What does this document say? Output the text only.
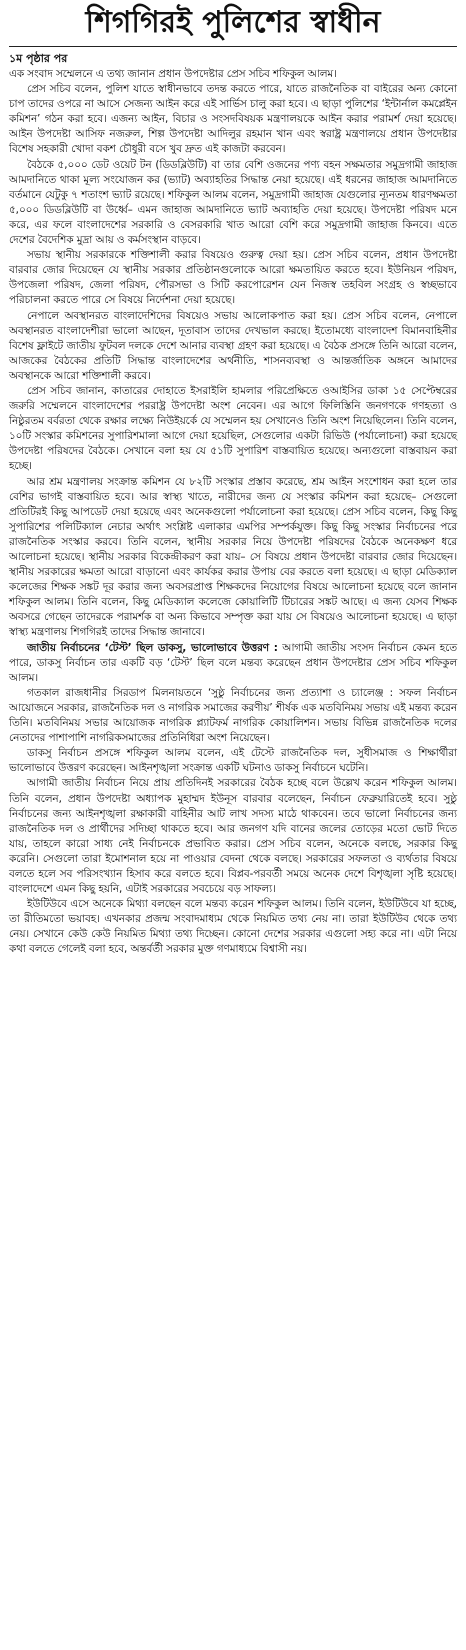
শিগগিরই পুলিশের স্বাধীন
১ম পৃষ্ঠার পর

এক সংবাদ সম্মেলনে এ তথ্য জানান প্রধান উপদেষ্টার প্রেস সচিব শফিকুল আলম।

প্রেস সচিব বলেন, পুলিশ যাতে স্বাধীনভাবে তদন্ত করতে পারে, যাতে রাজনৈতিক বা বাইরের অন্য কোনো চাপ তাদের ওপরে না আসে সেজন্য আইন করে এই সার্ভিস চালু করা হবে। এ ছাড়া পুলিশের ‘ইন্টার্নাল কমপ্লেইন কমিশন’ গঠন করা হবে। এজন্য আইন, বিচার ও সংসদবিষয়ক মন্ত্রণালয়কে আইন করার পরামর্শ দেয়া হয়েছে। আইন উপদেষ্টা আসিফ নজরুল, শিল্প উপদেষ্টা আদিলুর রহমান খান এবং স্বরাষ্ট্র মন্ত্রণালয়ে প্রধান উপদেষ্টার বিশেষ সহকারী খোদা বকশ চৌধুরী বসে খুব দ্রুত এই কাজটা করবেন।

বৈঠকে ৫,০০০ ডেট ওয়েট টন (ডিডব্লিউটি) বা তার বেশি ওজনের পণ্য বহন সক্ষমতার সমুদ্রগামী জাহাজ আমদানিতে থাকা মূল্য সংযোজন কর (ভ্যাট) অব্যাহতির সিদ্ধান্ত নেয়া হয়েছে। এই ধরনের জাহাজ আমদানিতে বর্তমানে যেটুকু ৭ শতাংশ ভ্যাট রয়েছে। শফিকুল আলম বলেন, সমুদ্রগামী জাহাজ যেগুলোর ন্যূনতম ধারণক্ষমতা ৫,০০০ ডিডব্লিউটি বা উর্ধ্বে– এমন জাহাজ আমদানিতে ভ্যাট অব্যাহতি দেয়া হয়েছে। উপদেষ্টা পরিষদ মনে করে, এর ফলে বাংলাদেশের সরকারি ও বেসরকারি খাত আরো বেশি করে সমুদ্রগামী জাহাজ কিনবে। এতে দেশের বৈদেশিক মুদ্রা আয় ও কর্মসংস্থান বাড়বে।

সভায় স্থানীয় সরকারকে শক্তিশালী করার বিষয়েও গুরুত্ব দেয়া হয়। প্রেস সচিব বলেন, প্রধান উপদেষ্টা বারবার জোর দিয়েছেন যে স্থানীয় সরকার প্রতিষ্ঠানগুলোকে আরো ক্ষমতায়িত করতে হবে। ইউনিয়ন পরিষদ, উপজেলা পরিষদ, জেলা পরিষদ, পৌরসভা ও সিটি করপোরেশন যেন নিজস্ব তহবিল সংগ্রহ ও স্বচ্ছভাবে পরিচালনা করতে পারে সে বিষয়ে নির্দেশনা দেয়া হয়েছে।

নেপালে অবস্থানরত বাংলাদেশিদের বিষয়েও সভায় আলোকপাত করা হয়। প্রেস সচিব বলেন, নেপালে অবস্থানরত বাংলাদেশীরা ভালো আছেন, দূতাবাস তাদের দেখভাল করছে। ইতোমধ্যে বাংলাদেশ বিমানবাহিনীর বিশেষ ফ্লাইটে জাতীয় ফুটবল দলকে দেশে আনার ব্যবস্থা গ্রহণ করা হয়েছে। এ বৈঠক প্রসঙ্গে তিনি আরো বলেন, আজকের বৈঠকের প্রতিটি সিদ্ধান্ত বাংলাদেশের অর্থনীতি, শাসনব্যবস্থা ও আন্তর্জাতিক অঙ্গনে আমাদের অবস্থানকে আরো শক্তিশালী করবে।

প্রেস সচিব জানান, কাতারের দোহাতে ইসরাইলি হামলার পরিপ্রেক্ষিতে ওআইসির ডাকা ১৫ সেপ্টেম্বরের জরুরি সম্মেলনে বাংলাদেশের পররাষ্ট্র উপদেষ্টা অংশ নেবেন। এর আগে ফিলিস্তিনি জনগণকে গণহত্যা ও নিষ্ঠুরতম বর্বরতা থেকে রক্ষার লক্ষ্যে নিউইয়র্কে যে সম্মেলন হয় সেখানেও তিনি অংশ নিয়েছিলেন। তিনি বলেন, ১০টি সংস্কার কমিশনের সুপারিশমালা আগে দেয়া হয়েছিল, সেগুলোর একটা রিভিউ (পর্যালোচনা) করা হয়েছে উপদেষ্টা পরিষদের বৈঠকে। সেখানে বলা হয় যে ৫১টি সুপারিশ বাস্তবায়িত হয়েছে। অন্যগুলো বাস্তবায়ন করা হচ্ছে।

আর শ্রম মন্ত্রণালয় সংক্রান্ত কমিশন যে ৮২টি সংস্কার প্রস্তাব করেছে, শ্রম আইন সংশোধন করা হলে তার বেশির ভাগই বাস্তবায়িত হবে। আর স্বাস্থ্য খাতে, নারীদের জন্য যে সংস্কার কমিশন করা হয়েছে– সেগুলো প্রতিটিরই কিছু আপডেট দেয়া হয়েছে এবং অনেকগুলো পর্যালোচনা করা হয়েছে। প্রেস সচিব বলেন, কিছু কিছু সুপারিশের পলিটিক্যাল নেচার অর্থাৎ সংশ্লিষ্ট এলাকার এমপির সম্পর্কযুক্ত। কিছু কিছু সংস্কার নির্বাচনের পরে রাজনৈতিক সংস্কার করবে। তিনি বলেন, স্থানীয় সরকার নিয়ে উপদেষ্টা পরিষদের বৈঠকে অনেকক্ষণ ধরে আলোচনা হয়েছে। স্থানীয় সরকার বিকেন্দ্রীকরণ করা যায়– সে বিষয়ে প্রধান উপদেষ্টা বারবার জোর দিয়েছেন। স্থানীয় সরকারের ক্ষমতা আরো বাড়ানো এবং কার্যকর করার উপায় বের করতে বলা হয়েছে। এ ছাড়া মেডিক্যাল কলেজের শিক্ষক সঙ্কট দূর করার জন্য অবসরপ্রাপ্ত শিক্ষকদের নিয়োগের বিষয়ে আলোচনা হয়েছে বলে জানান শফিকুল আলম। তিনি বলেন, কিছু মেডিক্যাল কলেজে কোয়ালিটি টিচারের সঙ্কট আছে। এ জন্য যেসব শিক্ষক অবসরে গেছেন তাদেরকে পরামর্শক বা অন্য কিভাবে সম্পৃক্ত করা যায় সে বিষয়েও আলোচনা হয়েছে। এ ছাড়া স্বাস্থ্য মন্ত্রণালয় শিগগিরই তাদের সিদ্ধান্ত জানাবে।

জাতীয় নির্বাচনের ‘টেস্ট’ ছিল ডাকসু, ভালোভাবে উত্তরণ : আগামী জাতীয় সংসদ নির্বাচন কেমন হতে পারে, ডাকসু নির্বাচন তার একটি বড় ‘টেস্ট’ ছিল বলে মন্তব্য করেছেন প্রধান উপদেষ্টার প্রেস সচিব শফিকুল আলম।

গতকাল রাজধানীর সিরডাপ মিলনায়তনে ‘সুষ্ঠু নির্বাচনের জন্য প্রত্যাশা ও চ্যালেঞ্জ : সফল নির্বাচন আয়োজনে সরকার, রাজনৈতিক দল ও নাগরিক সমাজের করণীয়’ শীর্ষক এক মতবিনিময় সভায় এই মন্তব্য করেন তিনি। মতবিনিময় সভার আয়োজক নাগরিক প্ল্যাটফর্ম নাগরিক কোয়ালিশন। সভায় বিভিন্ন রাজনৈতিক দলের নেতাদের পাশাপাশি নাগরিকসমাজের প্রতিনিধিরা অংশ নিয়েছেন।

ডাকসু নির্বাচন প্রসঙ্গে শফিকুল আলম বলেন, এই টেস্টে রাজনৈতিক দল, সুধীসমাজ ও শিক্ষার্থীরা ভালোভাবে উত্তরণ করেছেন। আইনশৃঙ্খলা সংক্রান্ত একটি ঘটনাও ডাকসু নির্বাচনে ঘটেনি।

আগামী জাতীয় নির্বাচন নিয়ে প্রায় প্রতিদিনই সরকারের বৈঠক হচ্ছে বলে উল্লেখ করেন শফিকুল আলম। তিনি বলেন, প্রধান উপদেষ্টা অধ্যাপক মুহাম্মদ ইউনূস বারবার বলেছেন, নির্বাচন ফেব্রুয়ারিতেই হবে। সুষ্ঠু নির্বাচনের জন্য আইনশৃঙ্খলা রক্ষাকারী বাহিনীর আট লাখ সদস্য মাঠে থাকবেন। তবে ভালো নির্বাচনের জন্য রাজনৈতিক দল ও প্রার্থীদের সদিচ্ছা থাকতে হবে। আর জনগণ যদি বানের জলের তোড়ের মতো ভোট দিতে যায়, তাহলে কারো সাধ্য নেই নির্বাচনকে প্রভাবিত করার। প্রেস সচিব বলেন, অনেকে বলছে, সরকার কিছু করেনি। সেগুলো তারা ইমোশনাল হয়ে না পাওয়ার বেদনা থেকে বলছে। সরকারের সফলতা ও ব্যর্থতার বিষয়ে বলতে হলে সব পরিসংখ্যান হিসাব করে বলতে হবে। বিপ্লব-পরবর্তী সময়ে অনেক দেশে বিশৃঙ্খলা সৃষ্টি হয়েছে। বাংলাদেশে এমন কিছু হয়নি, এটাই সরকারের সবচেয়ে বড় সাফল্য।

ইউটিউবে এসে অনেকে মিথ্যা বলছেন বলে মন্তব্য করেন শফিকুল আলম। তিনি বলেন, ইউটিউবে যা হচ্ছে, তা রীতিমতো ভয়াবহ। এখনকার প্রজন্ম সংবাদমাধ্যম থেকে নিয়মিত তথ্য নেয় না। তারা ইউটিউব থেকে তথ্য নেয়। সেখানে কেউ কেউ নিয়মিত মিথ্যা তথ্য দিচ্ছেন। কোনো দেশের সরকার এগুলো সহ্য করে না। এটা নিয়ে কথা বলতে গেলেই বলা হবে, অন্তর্বর্তী সরকার মুক্ত গণমাধ্যমে বিশ্বাসী নয়।
